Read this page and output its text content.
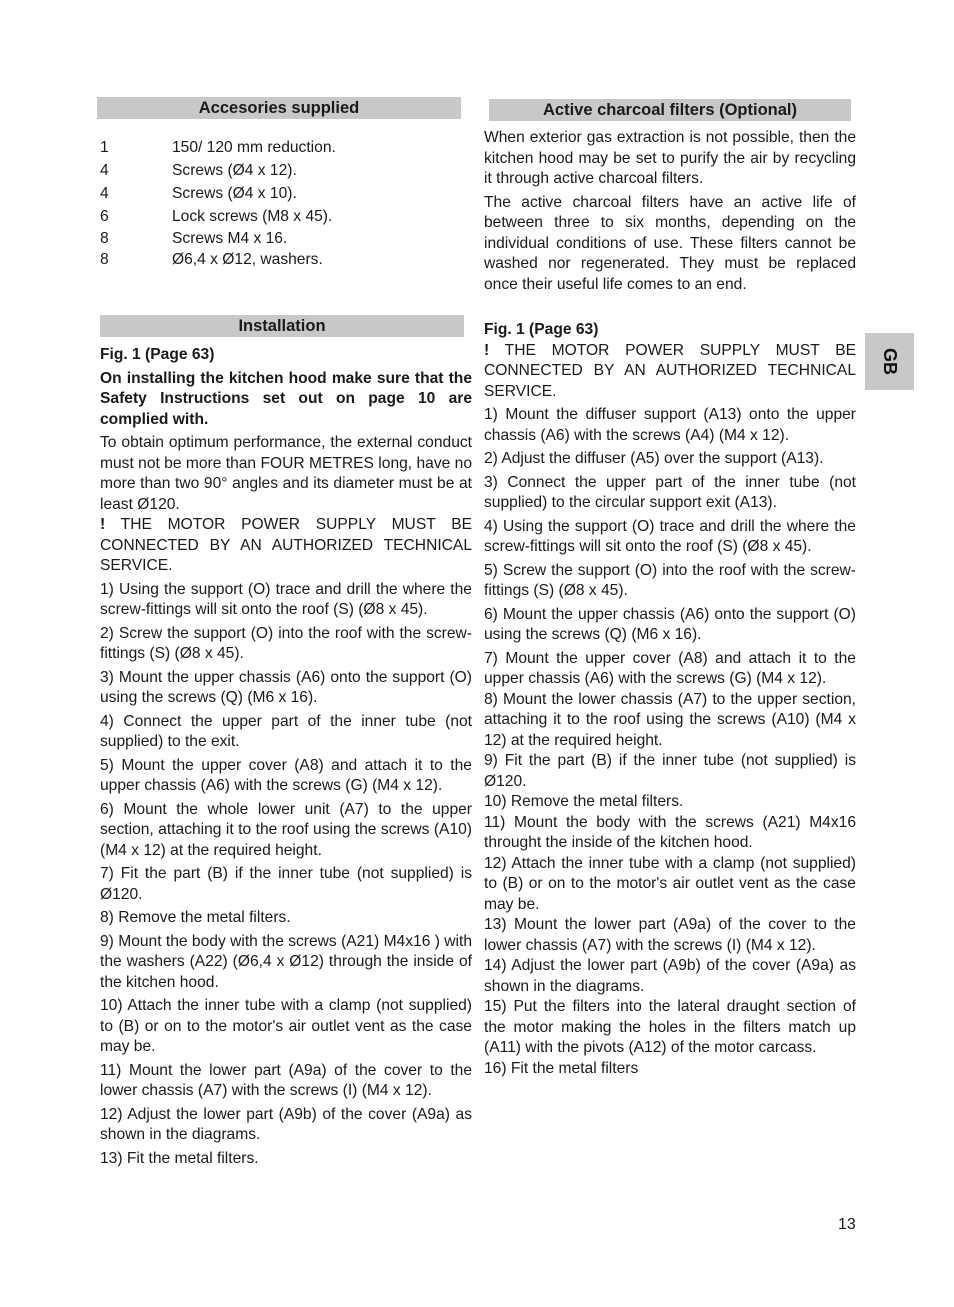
Accesories supplied
1	150/ 120 mm reduction.
4	Screws (Ø4 x 12).
4	Screws (Ø4 x 10).
6	Lock screws (M8 x 45).
8	Screws M4 x 16.
8	Ø6,4 x Ø12, washers.
Installation

Fig. 1 (Page 63)

On installing the kitchen hood make sure that the Safety Instructions set out on page 10 are complied with.

To obtain optimum performance, the external conduct must not be more than FOUR METRES long, have no more than two 90° angles and its diameter must be at least Ø120.

! THE MOTOR POWER SUPPLY MUST BE CONNECTED BY AN AUTHORIZED TECHNICAL SERVICE.

1) Using the support (O) trace and drill the where the screw-fittings will sit onto the roof (S) (Ø8 x 45).

2) Screw the support (O) into the roof with the screw-fittings (S) (Ø8 x 45).

3) Mount the upper chassis (A6) onto the support (O) using the screws (Q) (M6 x 16).

4) Connect the upper part of the inner tube (not supplied) to the exit.

5) Mount the upper cover (A8) and attach it to the upper chassis (A6) with the screws (G) (M4 x 12).

6) Mount the whole lower unit (A7) to the upper section, attaching it to the roof using the screws (A10) (M4 x 12) at the required height.

7) Fit the part (B) if the inner tube (not supplied) is Ø120.

8) Remove the metal filters.

9) Mount the body with the screws (A21) M4x16 ) with the washers (A22) (Ø6,4 x Ø12) through the inside of the kitchen hood.

10) Attach the inner tube with a clamp (not supplied) to (B) or on to the motor's air outlet vent as the case may be.

11) Mount the lower part (A9a) of the cover to the lower chassis (A7) with the screws (I) (M4 x 12).

12) Adjust the lower part (A9b) of the cover (A9a) as shown in the diagrams.

13) Fit the metal filters.

Active charcoal filters (Optional)

When exterior gas extraction is not possible, then the kitchen hood may be set to purify the air by recycling it through active charcoal filters.

The active charcoal filters have an active life of between three to six months, depending on the individual conditions of use. These filters cannot be washed nor regenerated. They must be replaced once their useful life comes to an end.

Fig. 1 (Page 63)

! THE MOTOR POWER SUPPLY MUST BE CONNECTED BY AN AUTHORIZED TECHNICAL SERVICE.

1) Mount the diffuser support (A13) onto the upper chassis (A6) with the screws (A4) (M4 x 12).

2) Adjust the diffuser (A5) over the support (A13).

3) Connect the upper part of the inner tube (not supplied) to the circular support exit (A13).

4) Using the support (O) trace and drill the where the screw-fittings will sit onto the roof (S) (Ø8 x 45).

5) Screw the support (O) into the roof with the screw-fittings (S) (Ø8 x 45).

6) Mount the upper chassis (A6) onto the support (O) using the screws (Q) (M6 x 16).

7) Mount the upper cover (A8) and attach it to the upper chassis (A6) with the screws (G) (M4 x 12).

8) Mount the lower chassis (A7) to the upper section, attaching it to the roof using the screws (A10) (M4 x 12) at the required height.

9) Fit the part (B) if the inner tube (not supplied) is Ø120.

10) Remove the metal filters.

11) Mount the body with the screws (A21) M4x16 throught the inside of the kitchen hood.

12) Attach the inner tube with a clamp (not supplied) to (B) or on to the motor's air outlet vent as the case may be.

13) Mount the lower part (A9a) of the cover to the lower chassis (A7) with the screws (I) (M4 x 12).

14) Adjust the lower part (A9b) of the cover (A9a) as shown in the diagrams.

15) Put the filters into the lateral draught section of the motor making the holes in the filters match up (A11) with the pivots (A12) of the motor carcass.

16) Fit the metal filters

GB
13
